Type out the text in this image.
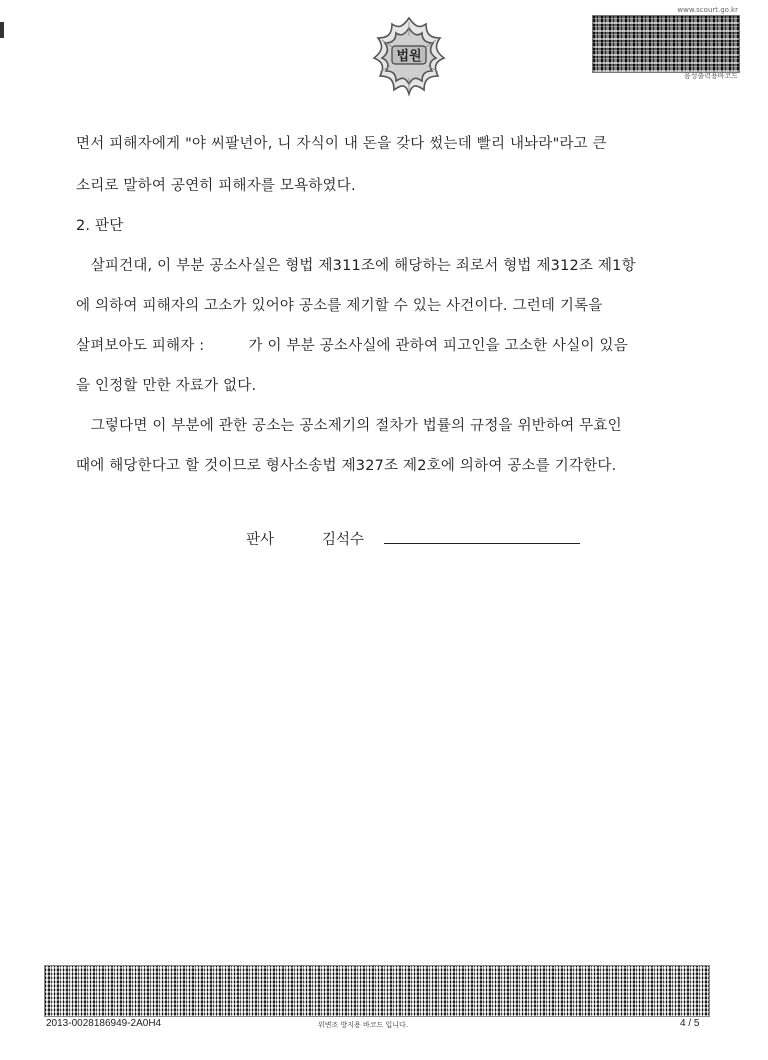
법원
www.scourt.go.kr
음성출력용바코드
면서 피해자에게 "야 씨팔년아, 니 자식이 내 돈을 갖다 썼는데 빨리 내놔라"라고 큰
소리로 말하여 공연히 피해자를 모욕하였다.
2. 판단
　살피건대, 이 부분 공소사실은 형법 제311조에 해당하는 죄로서 형법 제312조 제1항
에 의하여 피해자의 고소가 있어야 공소를 제기할 수 있는 사건이다. 그런데 기록을
살펴보아도 피해자 :　　　가 이 부분 공소사실에 관하여 피고인을 고소한 사실이 있음
을 인정할 만한 자료가 없다.
　그렇다면 이 부분에 관한 공소는 공소제기의 절차가 법률의 규정을 위반하여 무효인
때에 해당한다고 할 것이므로 형사소송법 제327조 제2호에 의하여 공소를 기각한다.
판사	김석수
2013-0028186949-2A0H4	위변조 방지용 바코드 입니다.	4 / 5
